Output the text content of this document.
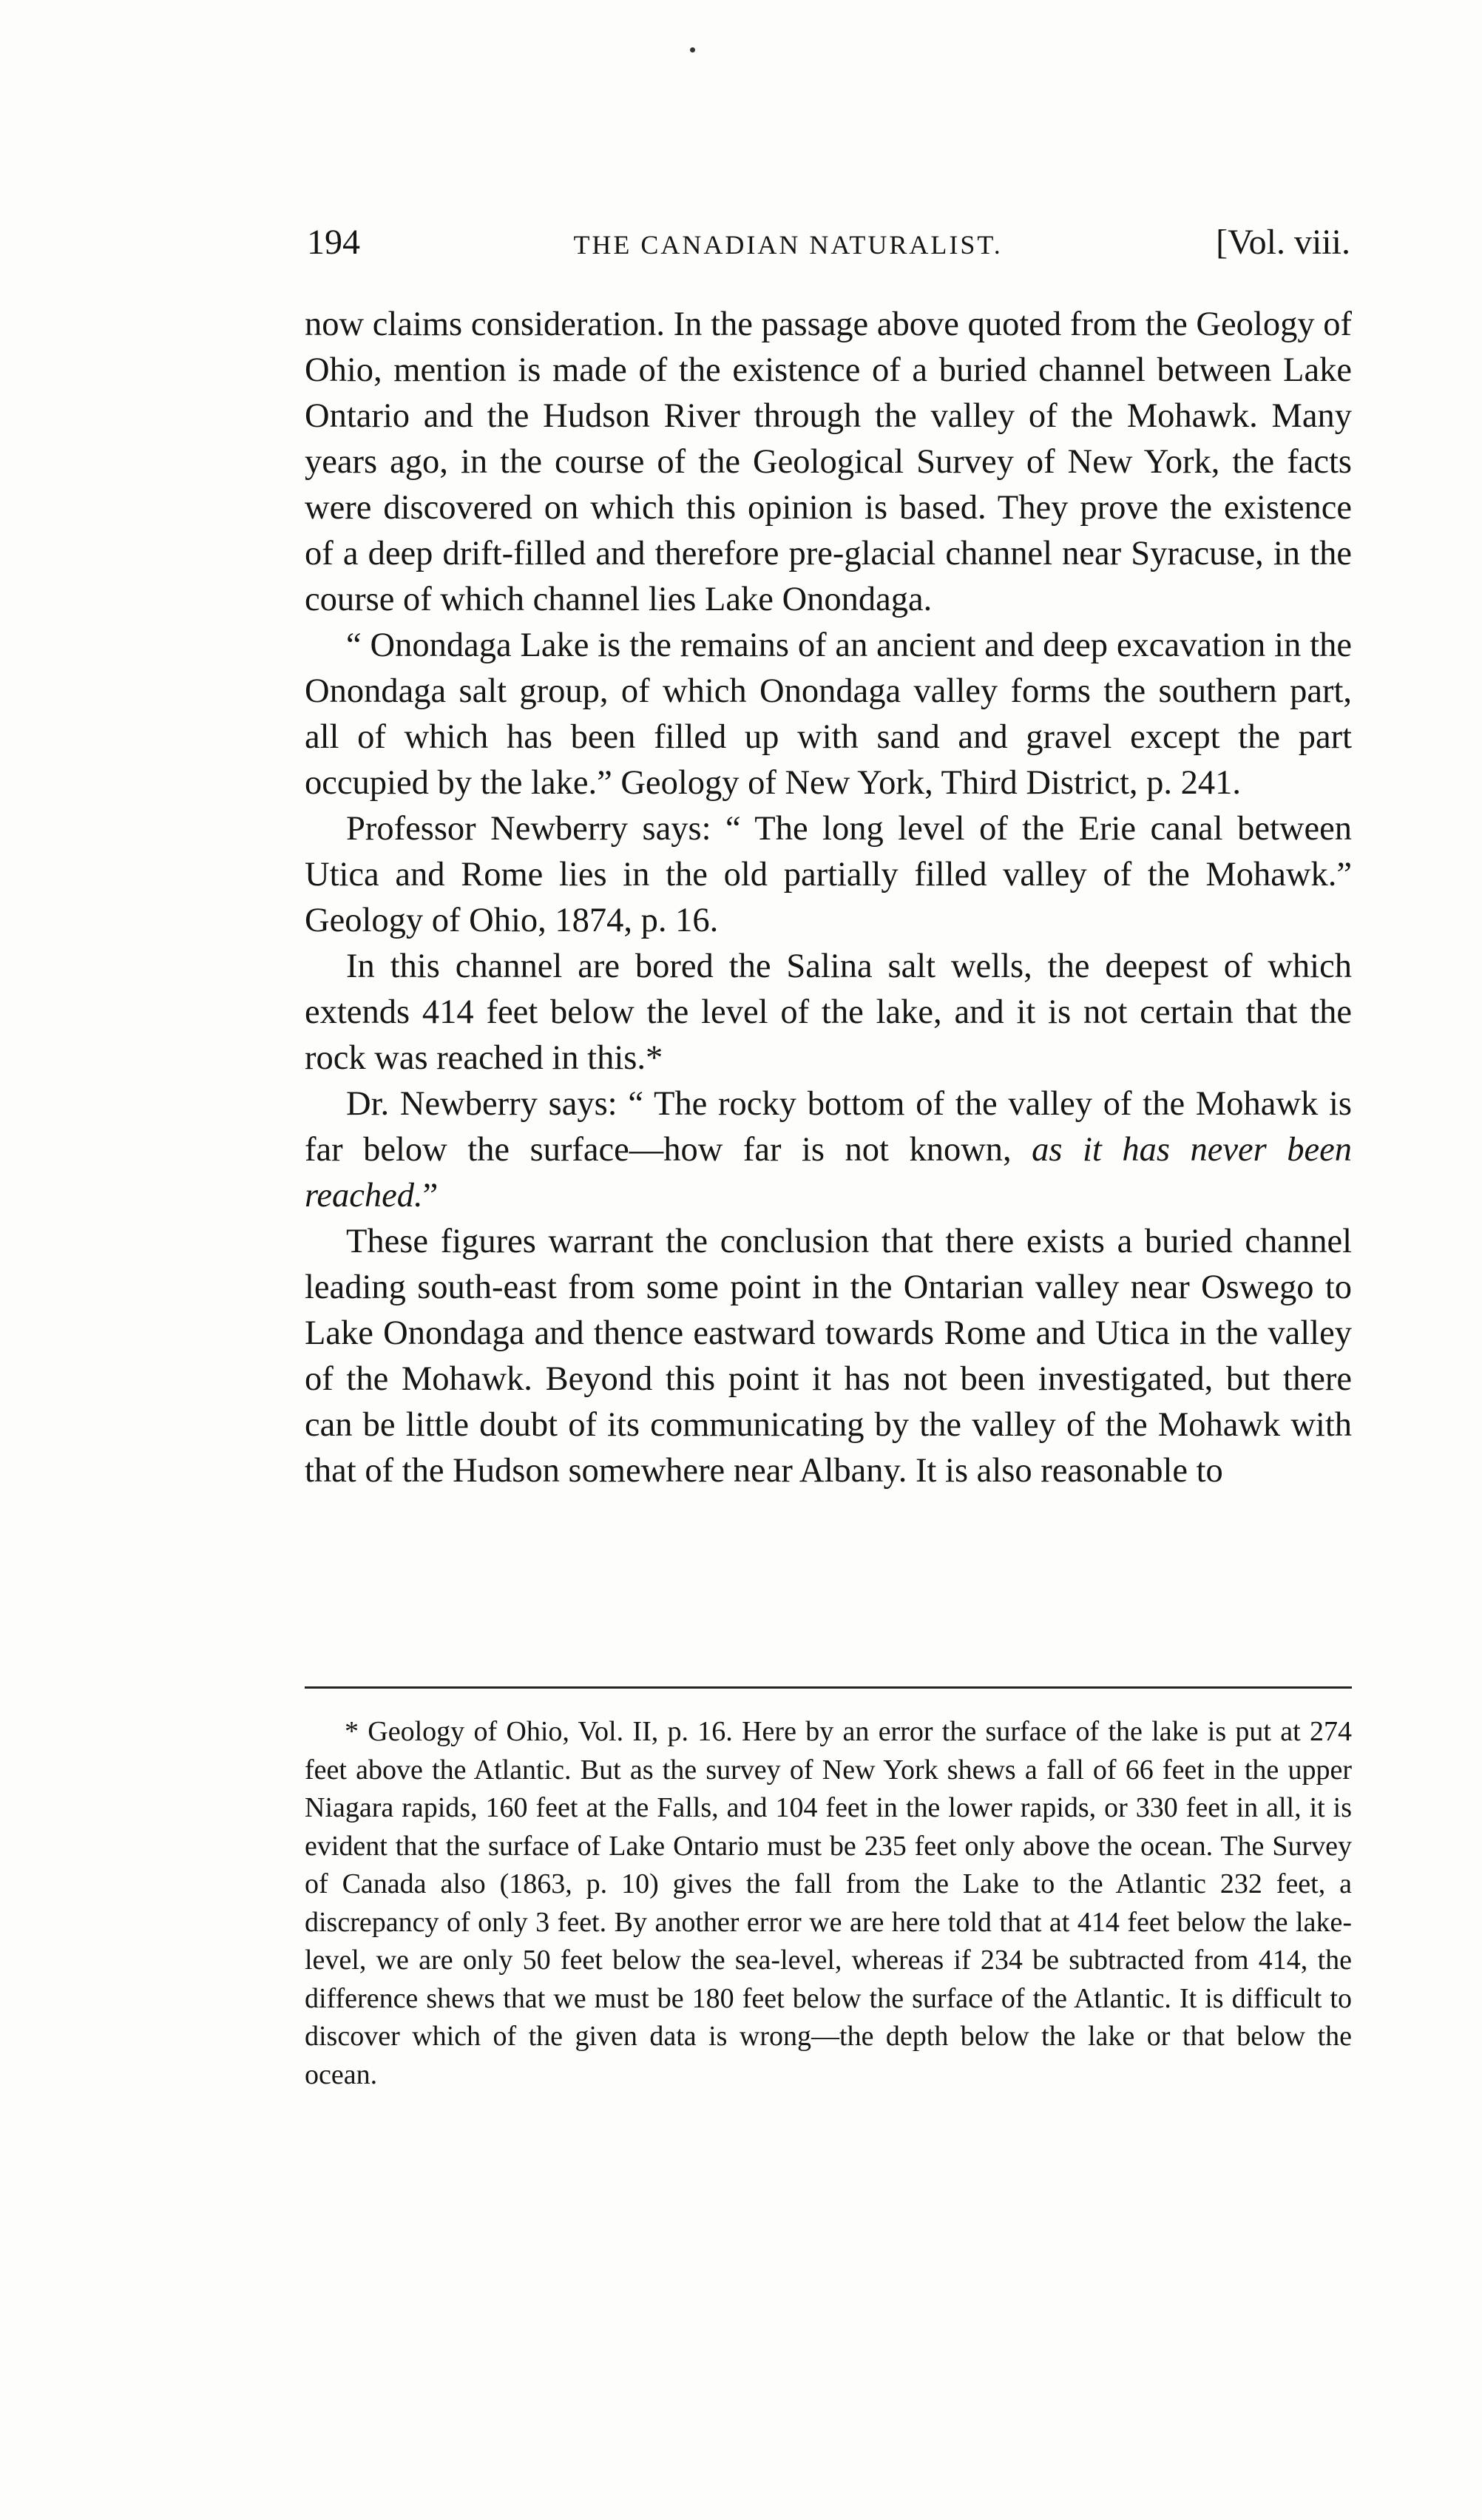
194	THE CANADIAN NATURALIST.	[Vol. viii.

now claims consideration. In the passage above quoted from the Geology of Ohio, mention is made of the existence of a buried channel between Lake Ontario and the Hudson River through the valley of the Mohawk. Many years ago, in the course of the Geological Survey of New York, the facts were discovered on which this opinion is based. They prove the existence of a deep drift-filled and therefore pre-glacial channel near Syracuse, in the course of which channel lies Lake Onondaga.

“ Onondaga Lake is the remains of an ancient and deep excavation in the Onondaga salt group, of which Onondaga valley forms the southern part, all of which has been filled up with sand and gravel except the part occupied by the lake.” Geology of New York, Third District, p. 241.

Professor Newberry says: “ The long level of the Erie canal between Utica and Rome lies in the old partially filled valley of the Mohawk.” Geology of Ohio, 1874, p. 16.

In this channel are bored the Salina salt wells, the deepest of which extends 414 feet below the level of the lake, and it is not certain that the rock was reached in this.*

Dr. Newberry says: “ The rocky bottom of the valley of the Mohawk is far below the surface—how far is not known, as it has never been reached.”

These figures warrant the conclusion that there exists a buried channel leading south-east from some point in the Ontarian valley near Oswego to Lake Onondaga and thence eastward towards Rome and Utica in the valley of the Mohawk. Beyond this point it has not been investigated, but there can be little doubt of its communicating by the valley of the Mohawk with that of the Hudson somewhere near Albany. It is also reasonable to

* Geology of Ohio, Vol. II, p. 16. Here by an error the surface of the lake is put at 274 feet above the Atlantic. But as the survey of New York shews a fall of 66 feet in the upper Niagara rapids, 160 feet at the Falls, and 104 feet in the lower rapids, or 330 feet in all, it is evident that the surface of Lake Ontario must be 235 feet only above the ocean. The Survey of Canada also (1863, p. 10) gives the fall from the Lake to the Atlantic 232 feet, a discrepancy of only 3 feet. By another error we are here told that at 414 feet below the lake-level, we are only 50 feet below the sea-level, whereas if 234 be subtracted from 414, the difference shews that we must be 180 feet below the surface of the Atlantic. It is difficult to discover which of the given data is wrong—the depth below the lake or that below the ocean.
